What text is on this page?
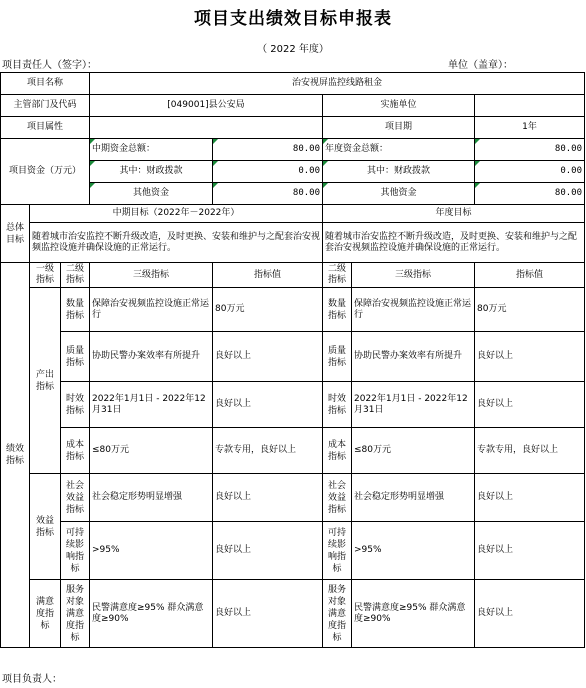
项目支出绩效目标申报表
（ 2022 年度）
项目责任人（签字）：	单位（盖章）：
项目名称			治安视屏监控线路租金				
主管部门及代码			[049001]县公安局		实施单位		
项目属性					项目期		1年
项目资金（万元）			中期资金总额：	80.00	年度资金总额：		80.00
			其中：财政拨款	0.00	其中：财政拨款		0.00
			其他资金	80.00	其他资金		80.00
总体目标	中期目标（2022年－2022年）				年度目标		
	随着城市治安监控不断升级改造，及时更换、安装和维护与之配套治安视频监控设施并确保设施的正常运行。				随着城市治安监控不断升级改造，及时更换、安装和维护与之配套治安视频监控设施并确保设施的正常运行。		
绩效指标	一级指标	二级指标	三级指标	指标值	二级指标	三级指标	指标值
	产出指标	数量指标	保障治安视频监控设施正常运行	80万元	数量指标	保障治安视频监控设施正常运行	80万元
		质量指标	协助民警办案效率有所提升	良好以上	质量指标	协助民警办案效率有所提升	良好以上
		时效指标	2022年1月1日 - 2022年12月31日	良好以上	时效指标	2022年1月1日 - 2022年12月31日	良好以上
		成本指标	≤80万元	专款专用，良好以上	成本指标	≤80万元	专款专用，良好以上
	效益指标	社会效益指标	社会稳定形势明显增强	良好以上	社会效益指标	社会稳定形势明显增强	良好以上
		可持续影响指标	>95%	良好以上	可持续影响指标	>95%	良好以上
	满意度指标	服务对象满意度指标	民警满意度≥95% 群众满意度≥90%	良好以上	服务对象满意度指标	民警满意度≥95% 群众满意度≥90%	良好以上
项目负责人：
